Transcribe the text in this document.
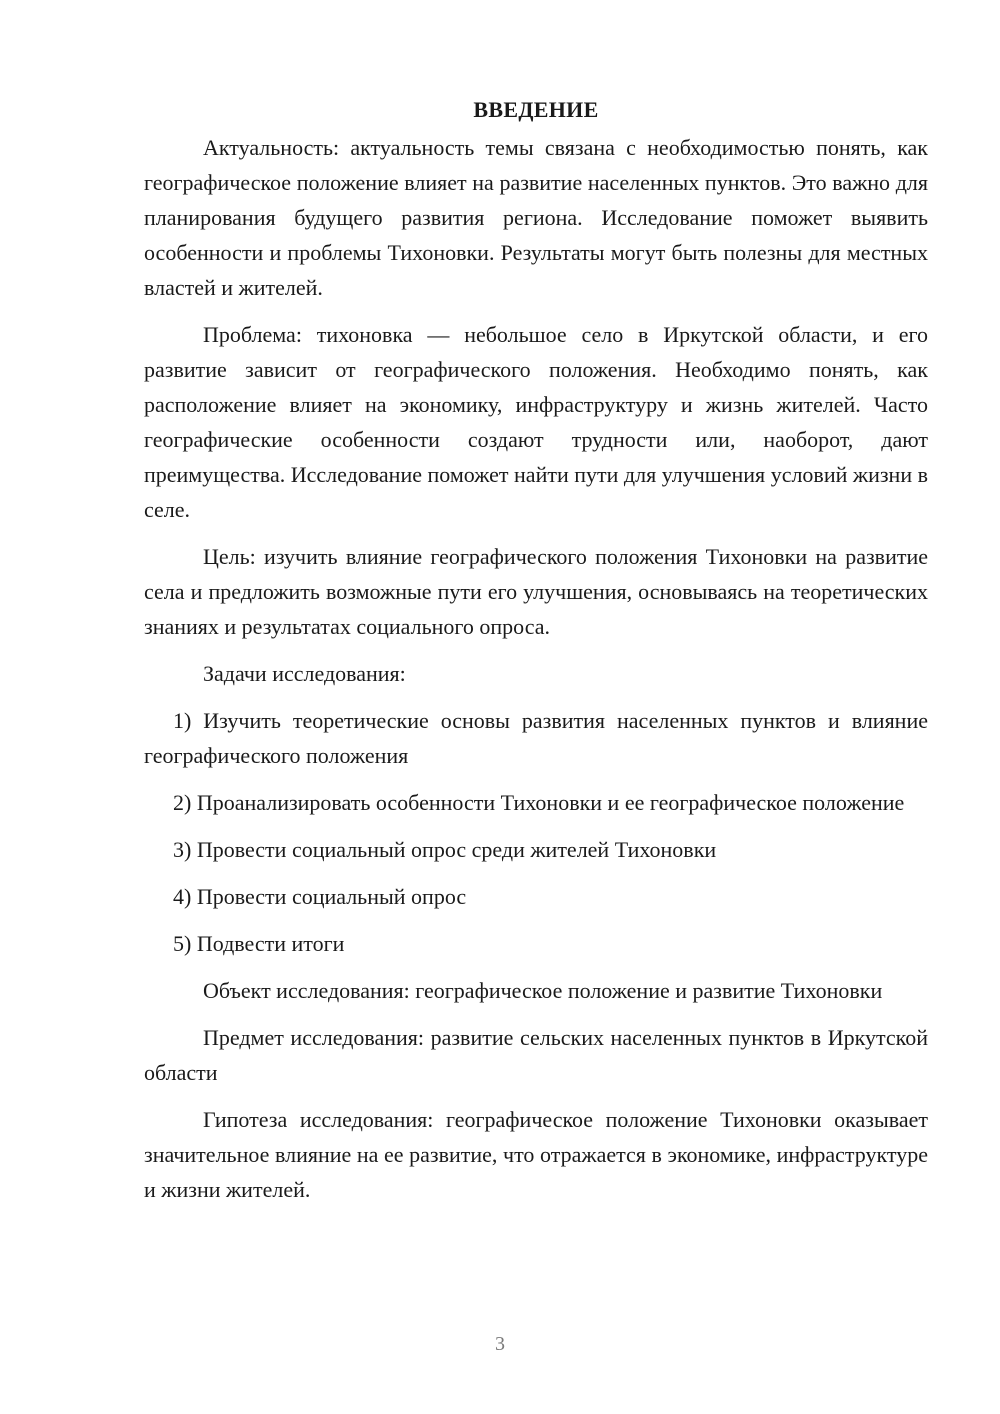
ВВЕДЕНИЕ

Актуальность: актуальность темы связана с необходимостью понять, как географическое положение влияет на развитие населенных пунктов. Это важно для планирования будущего развития региона. Исследование поможет выявить особенности и проблемы Тихоновки. Результаты могут быть полезны для местных властей и жителей.

Проблема: тихоновка — небольшое село в Иркутской области, и его развитие зависит от географического положения. Необходимо понять, как расположение влияет на экономику, инфраструктуру и жизнь жителей. Часто географические особенности создают трудности или, наоборот, дают преимущества. Исследование поможет найти пути для улучшения условий жизни в селе.

Цель: изучить влияние географического положения Тихоновки на развитие села и предложить возможные пути его улучшения, основываясь на теоретических знаниях и результатах социального опроса.

Задачи исследования:

1) Изучить теоретические основы развития населенных пунктов и влияние географического положения

2) Проанализировать особенности Тихоновки и ее географическое положение

3) Провести социальный опрос среди жителей Тихоновки

4) Провести социальный опрос

5) Подвести итоги

Объект исследования: географическое положение и развитие Тихоновки

Предмет исследования: развитие сельских населенных пунктов в Иркутской области

Гипотеза исследования: географическое положение Тихоновки оказывает значительное влияние на ее развитие, что отражается в экономике, инфраструктуре и жизни жителей.

3
